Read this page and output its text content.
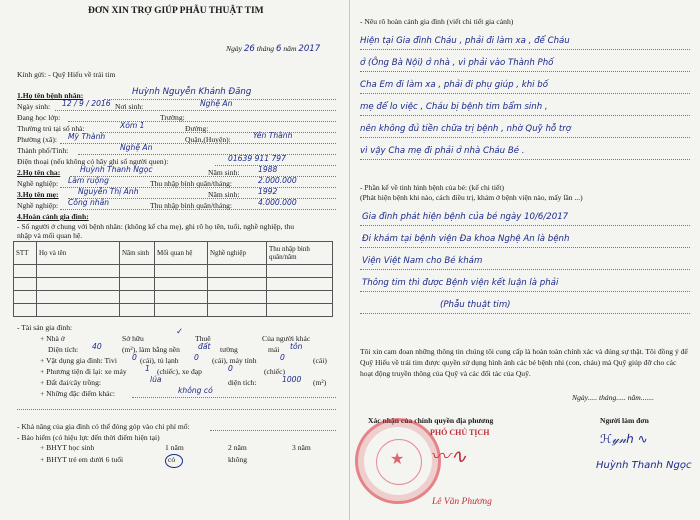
ĐƠN XIN TRỢ GIÚP PHẪU THUẬT TIM
Ngày 26 tháng 6 năm 2017
Kính gửi: - Quỹ Hiếu về trái tim
1.Họ tên bệnh nhân:	Huỳnh Nguyễn Khánh Đăng
Ngày sinh: 12 / 9 / 2016 Nơi sinh:	Nghệ An
Đang học lớp:	Trường:
Thường trú tại số nhà:	Xóm 1	Đường:
Phường (xã): Mỹ Thành	Quận,(Huyện):	Yên Thành
Thành phố/Tỉnh:	Nghệ An
Điện thoại (nếu không có hãy ghi số người quen):	01639 911 797
2.Họ tên cha:	Huỳnh Thanh Ngọc	Năm sinh: 1988
Nghề nghiệp: Làm ruộng	Thu nhập bình quân/tháng:	2.000.000
3.Họ tên mẹ:	Nguyễn Thị Anh	Năm sinh: 1992
Nghề nghiệp: Công nhân	Thu nhập bình quân/tháng:	4.000.000
4.Hoàn cảnh gia đình:
- Số người ở chung với bệnh nhân: (không kể cha mẹ), ghi rõ họ tên, tuổi, nghề nghiệp, thu
nhập và mối quan hệ.
STT	Họ và tên	Năm sinh	Mối quan hệ	Nghề nghiệp	Thu nhập bình quân/năm

- Tài sản gia đình:
+ Nhà ở	Sở hữu
✓
Thuê	Của người khác
Diện tích: 40	(m²), làm bằng nền đất tường	mái tôn
+ Vật dụng gia đình: Tivi 0 (cái), tủ lạnh 0 (cái), máy tính	0	(cái)
+ Phương tiện đi lại: xe máy 1 (chiếc), xe đạp	0	(chiếc)
+ Đất đai/cây trồng:	lúa	diện tích:	1000 (m²)
+ Những đặc điểm khác:	không có
- Khả năng của gia đình có thể đóng góp vào chi phí mổ:
- Bảo hiểm (có hiệu lực đến thời điểm hiện tại)
1 năm	2 năm	3 năm
+ BHYT học sinh
+ BHYT trẻ em dưới 6 tuổi	có	không
- Nêu rõ hoàn cảnh gia đình (viết chi tiết gia cảnh)
Hiện tại Gia đình Cháu , phải đi làm xa , để Cháu
ở (Ông Bà Nội) ở nhà , vì phải vào Thành Phố
Cha Em đi làm xa , phải đi phụ giúp , khi bố
mẹ để lo việc , Cháu bị bệnh tim bẩm sinh ,
nên không đủ tiền chữa trị bệnh , nhờ Quỹ hỗ trợ
vì vậy Cha mẹ đi phải ở nhà Cháu Bé .
- Phần kể về tình hình bệnh của bé: (kể chi tiết)
(Phát hiện bệnh khi nào, cách điều trị, khám ở bệnh viện nào, mấy lần ...)
Gia đình phát hiện bệnh của bé ngày 10/6/2017
Đi khám tại bệnh viện Đa khoa Nghệ An là bệnh
Viện Việt Nam cho Bé khám
Thông tim thì được Bệnh viện kết luận là phải
(Phẫu thuật tim)
Tôi xin cam đoan những thông tin chúng tôi cung cấp là hoàn toàn chính xác và đúng sự thật. Tôi đồng ý để Quỹ Hiếu về trái tim được quyền sử dụng hình ảnh các bé bệnh nhi (con, cháu) mà Quỹ giúp đỡ cho các hoạt động truyền thông của Quỹ và các đối tác của Quỹ.
Ngày..... tháng..... năm.......
Xác nhận của chính quyền địa phương	Người làm đơn
★
PHÓ CHỦ TỊCH
〰∿
Lê Văn Phương
ℋ𝓎𝓃ℎ ∿
Huỳnh Thanh Ngọc
